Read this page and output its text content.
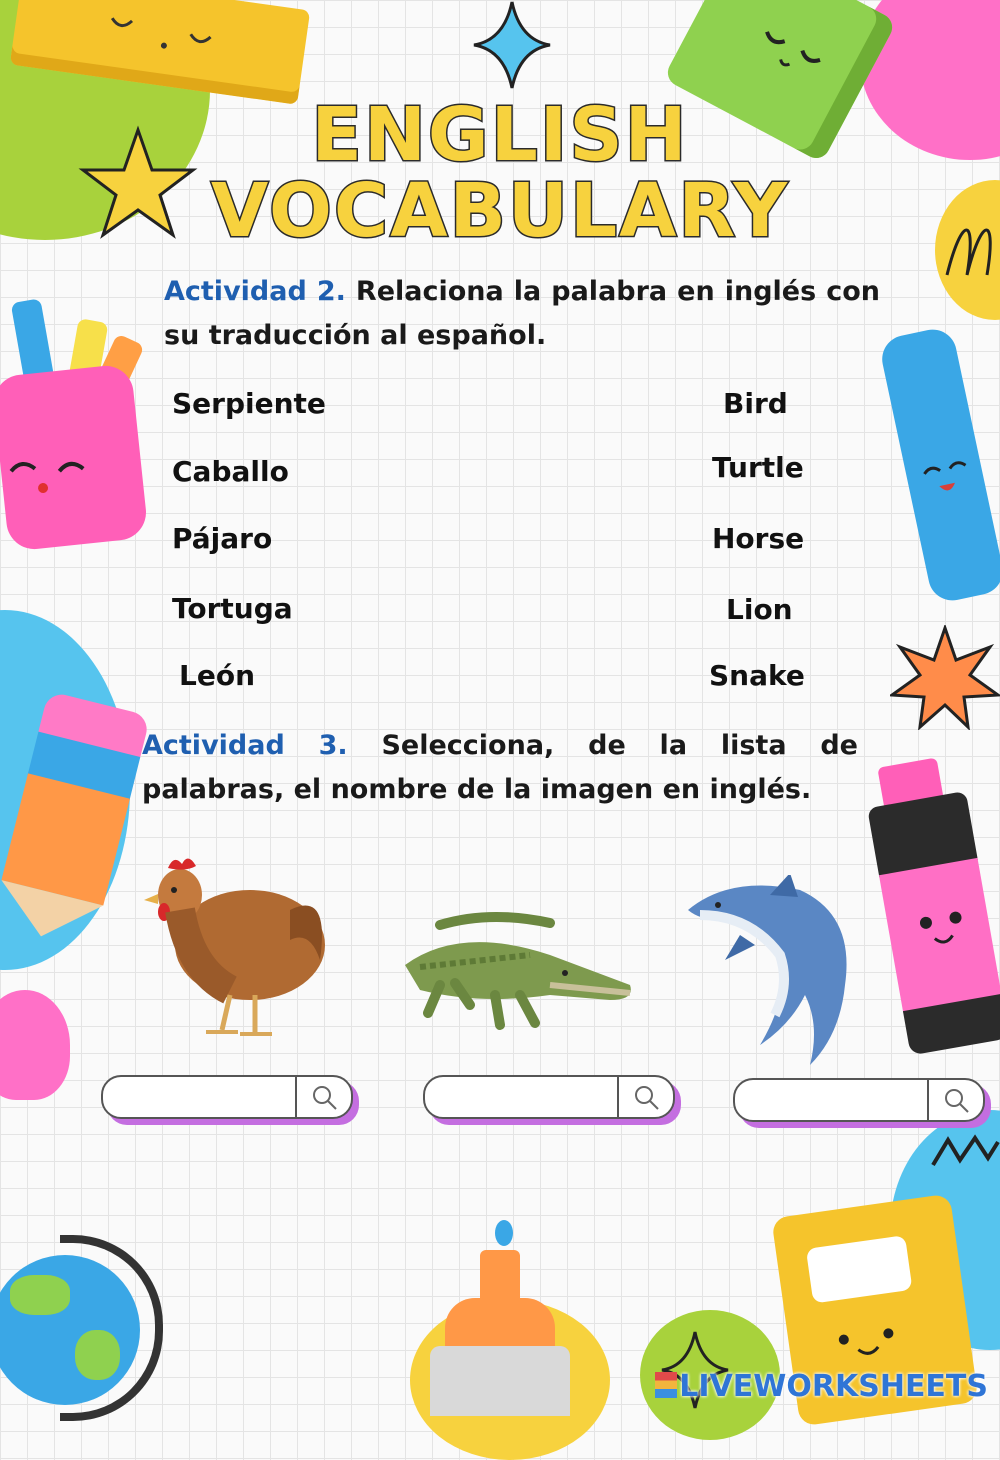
ENGLISH
VOCABULARY
Actividad 2. Relaciona la palabra en inglés con su traducción al español.
Serpiente
Caballo
Pájaro
Tortuga
León
Bird
Turtle
Horse
Lion
Snake
Actividad 3. Selecciona, de la lista de palabras, el nombre de la imagen en inglés.
LIVEWORKSHEETS
